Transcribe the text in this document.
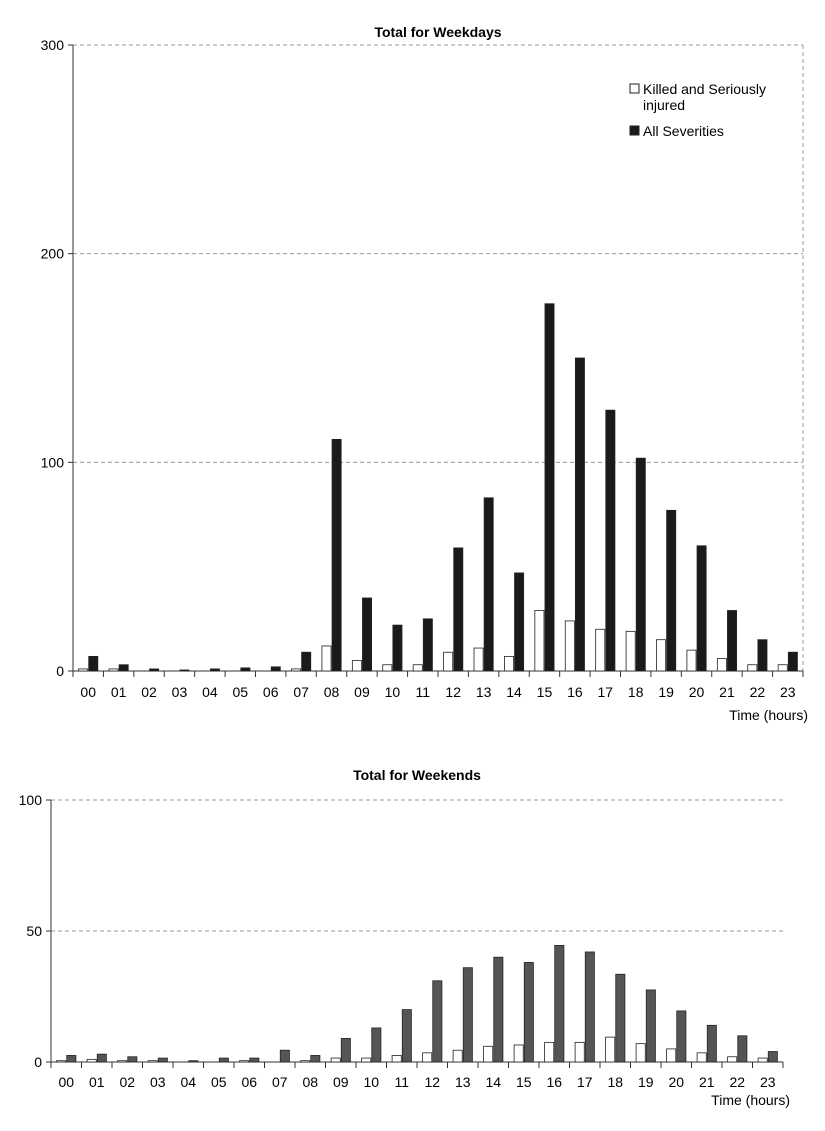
Total for Weekdays
0
100
200
300
00 01 02 03 04 05 06 07 08 09 10 11 12 13 14 15 16 17 18 19 20 21 22 23
Time (hours)
Killed and Seriously injured
All Severities
Total for Weekends
0
50
100
00 01 02 03 04 05 06 07 08 09 10 11 12 13 14 15 16 17 18 19 20 21 22 23
Time (hours)
